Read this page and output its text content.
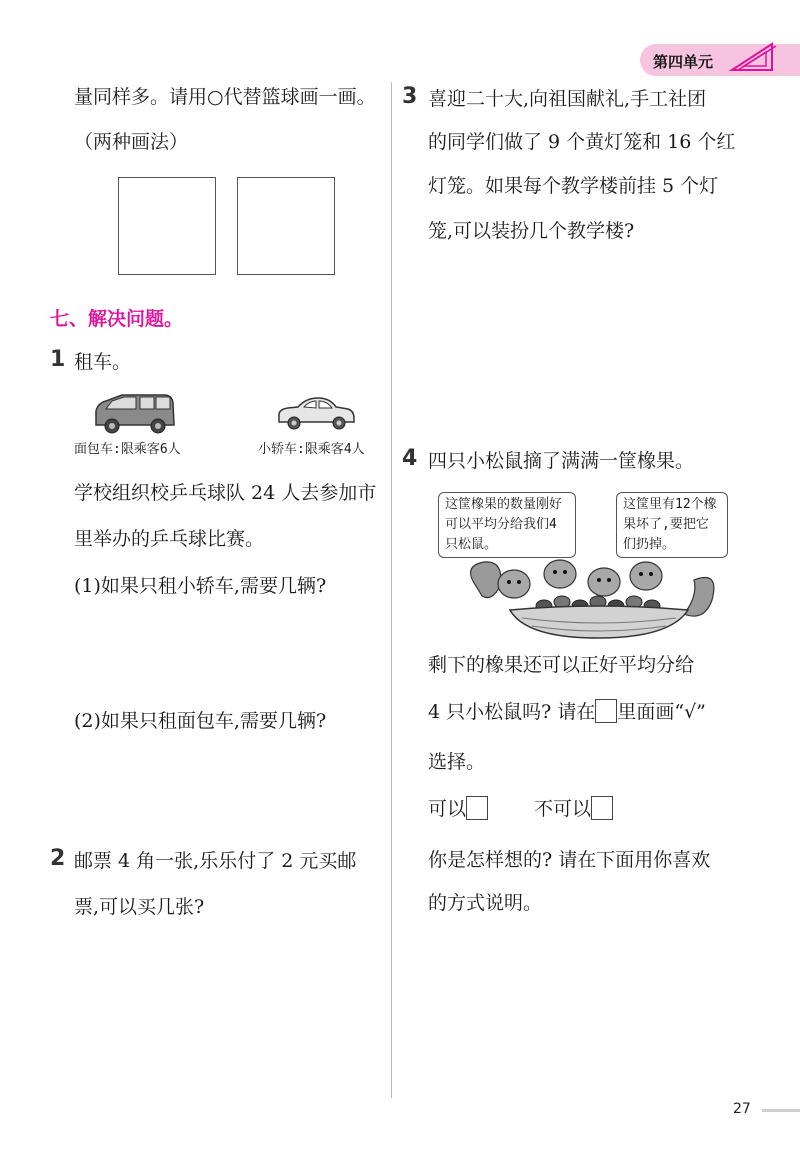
第四单元
量同样多。请用○代替篮球画一画。
（两种画法）
七、解决问题。
1 租车。
面包车:限乘客6人	小轿车:限乘客4人
学校组织校乒乓球队 24 人去参加市
里举办的乒乓球比赛。
(1)如果只租小轿车,需要几辆?
(2)如果只租面包车,需要几辆?
2 邮票 4 角一张,乐乐付了 2 元买邮
票,可以买几张?
3 喜迎二十大,向祖国献礼,手工社团
的同学们做了 9 个黄灯笼和 16 个红
灯笼。如果每个教学楼前挂 5 个灯
笼,可以装扮几个教学楼?
4 四只小松鼠摘了满满一筐橡果。
这筐橡果的数量刚好可以平均分给我们4只松鼠。
这筐里有12个橡果坏了,要把它们扔掉。
剩下的橡果还可以正好平均分给
4 只小松鼠吗? 请在 里面画“√”
选择。
可以	不可以
你是怎样想的? 请在下面用你喜欢
的方式说明。
27
